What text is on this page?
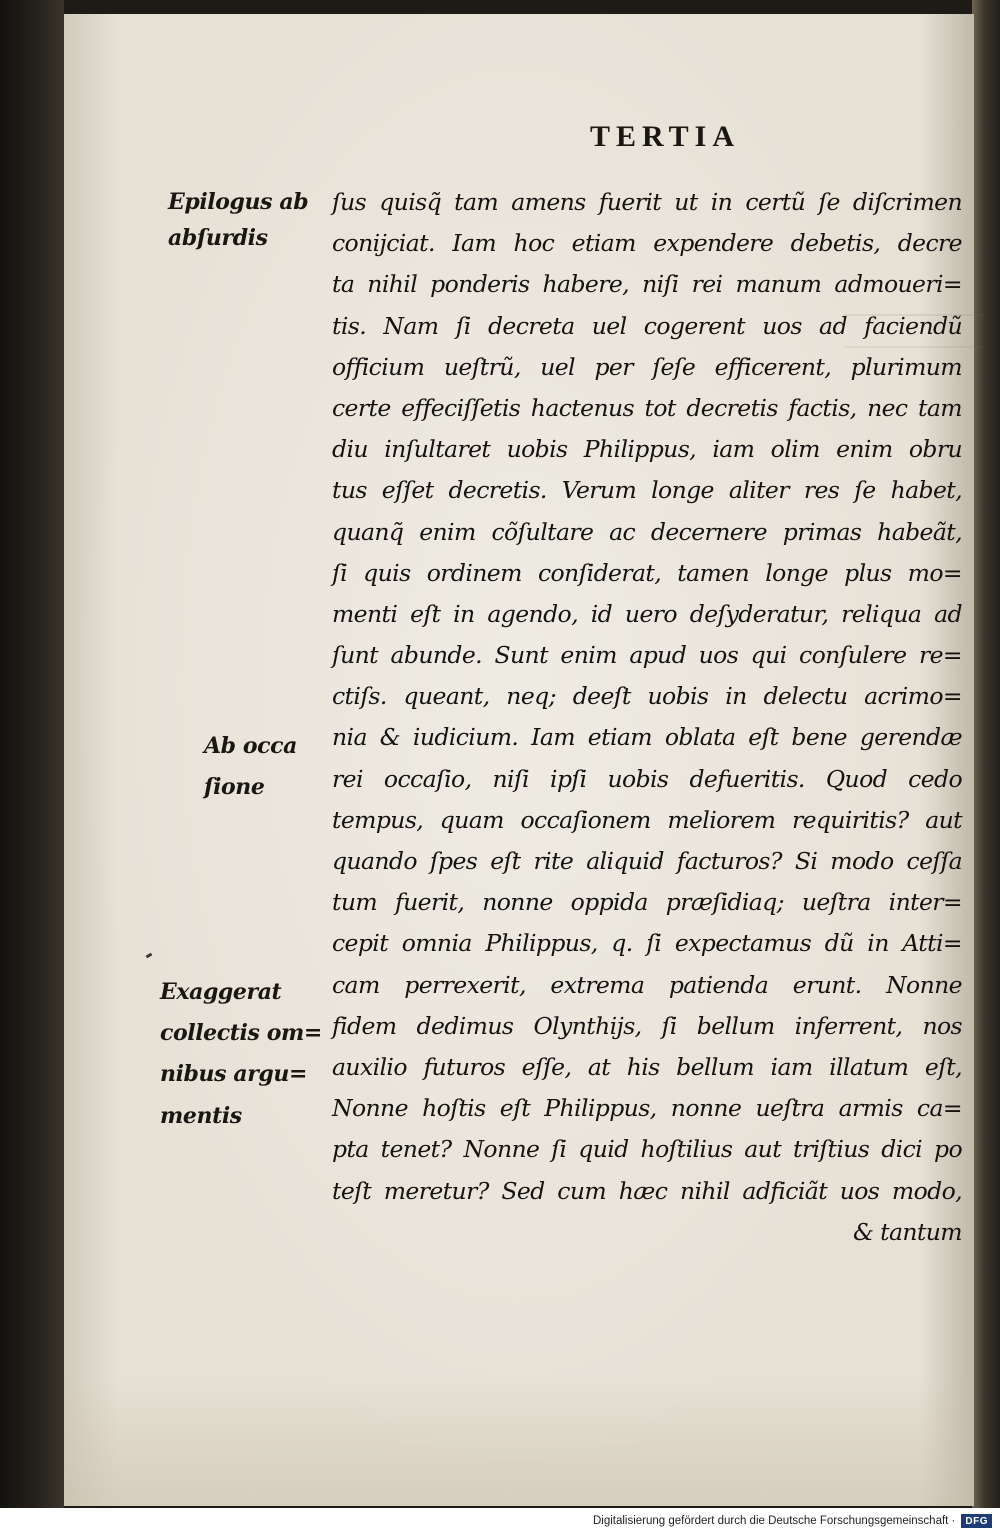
TERTIA
Epilogus ab
abſurdis
Ab occa
ſione
Exaggerat
collectis om=
nibus argu=
mentis
ſus quisq̃ tam amens fuerit ut in certũ ſe diſcrimen
conijciat. Iam hoc etiam expendere debetis, decre
ta nihil ponderis habere, niſi rei manum admoueri=
tis. Nam ſi decreta uel cogerent uos ad faciendũ
officium ueſtrũ, uel per ſeſe efficerent, plurimum
certe effeciſſetis hactenus tot decretis factis, nec tam
diu inſultaret uobis Philippus, iam olim enim obru
tus eſſet decretis. Verum longe aliter res ſe habet,
quanq̃ enim cõſultare ac decernere primas habeãt,
ſi quis ordinem conſiderat, tamen longe plus mo=
menti eſt in agendo, id uero deſyderatur, reliqua ad
ſunt abunde. Sunt enim apud uos qui conſulere re=
ctiſs. queant, neq; deeſt uobis in delectu acrimo=
nia & iudicium. Iam etiam oblata eſt bene gerendæ
rei occaſio, niſi ipſi uobis defueritis. Quod cedo
tempus, quam occaſionem meliorem requiritis? aut
quando ſpes eſt rite aliquid facturos? Si modo ceſſa
tum fuerit, nonne oppida præſidiaq; ueſtra inter=
cepit omnia Philippus, q. ſi expectamus dũ in Atti=
cam perrexerit, extrema patienda erunt. Nonne
fidem dedimus Olynthijs, ſi bellum inferrent, nos
auxilio futuros eſſe, at his bellum iam illatum eſt,
Nonne hoſtis eſt Philippus, nonne ueſtra armis ca=
pta tenet? Nonne ſi quid hoſtilius aut triſtius dici po
teſt meretur? Sed cum hæc nihil adficiãt uos modo,
& tantum
Digitalisierung gefördert durch die Deutsche Forschungsgemeinschaft ·	DFG
